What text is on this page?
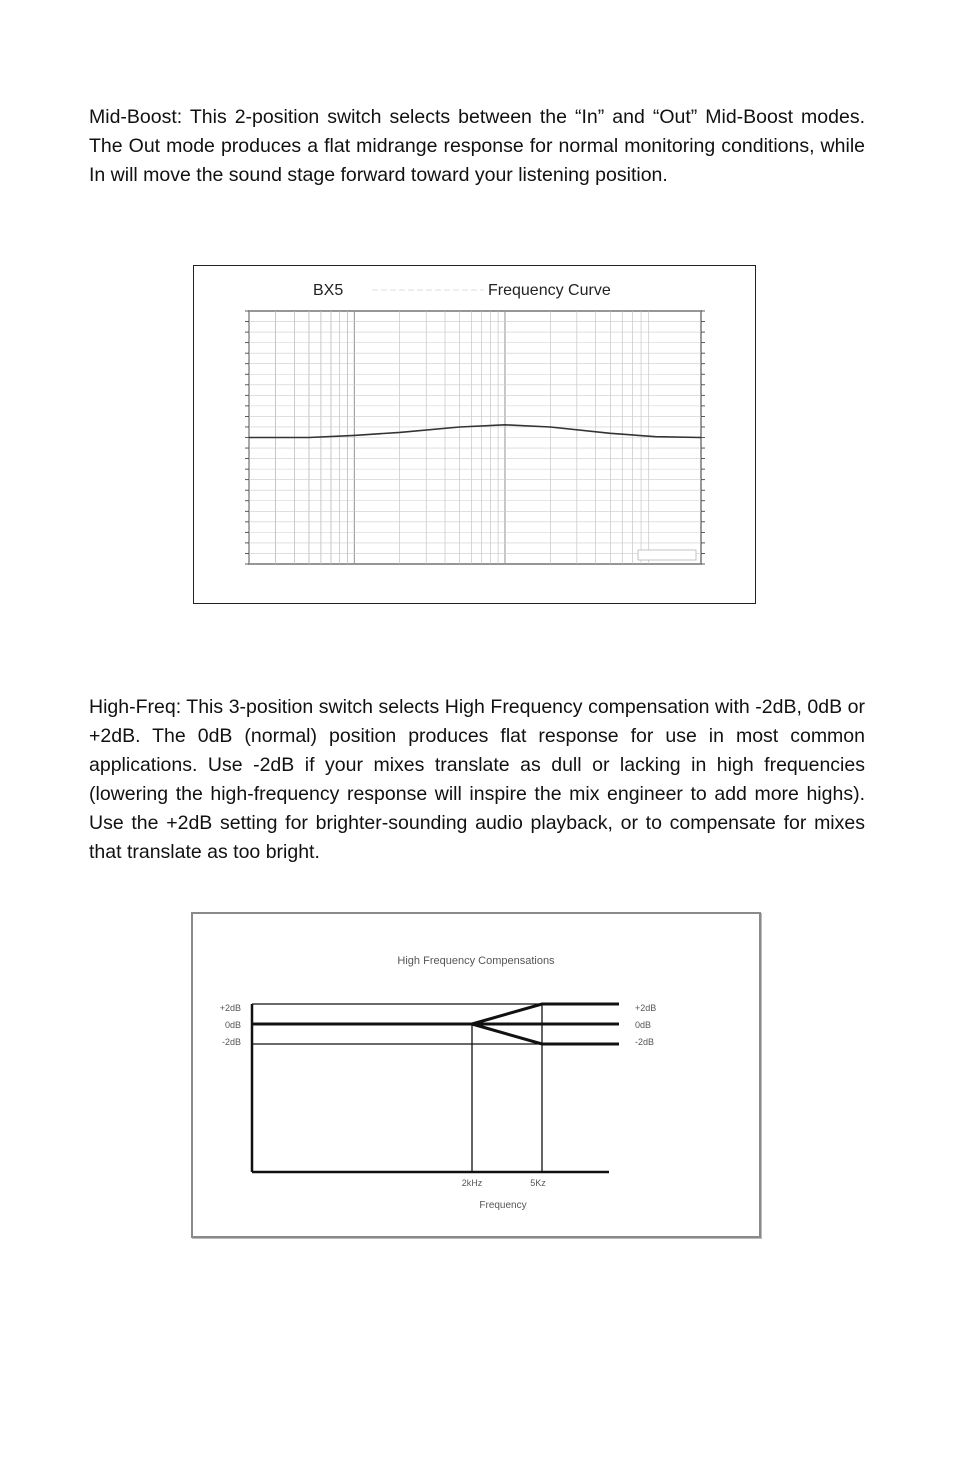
Mid-Boost: This 2-position switch selects between the “In” and “Out” Mid-Boost modes. The Out mode produces a flat midrange response for normal monitoring conditions, while In will move the sound stage forward toward your listening position.

BX5	Frequency Curve

High-Freq: This 3-position switch selects High Frequency compensation with -2dB, 0dB or +2dB. The 0dB (normal) position produces flat response for use in most common applications. Use -2dB if your mixes translate as dull or lacking in high frequencies (lowering the high-frequency response will inspire the mix engineer to add more highs). Use the +2dB setting for brighter-sounding audio playback, or to compensate for mixes that translate as too bright.

High Frequency Compensations
+2dB
0dB
-2dB
+2dB
0dB
-2dB
2kHz	5Kz
Frequency
